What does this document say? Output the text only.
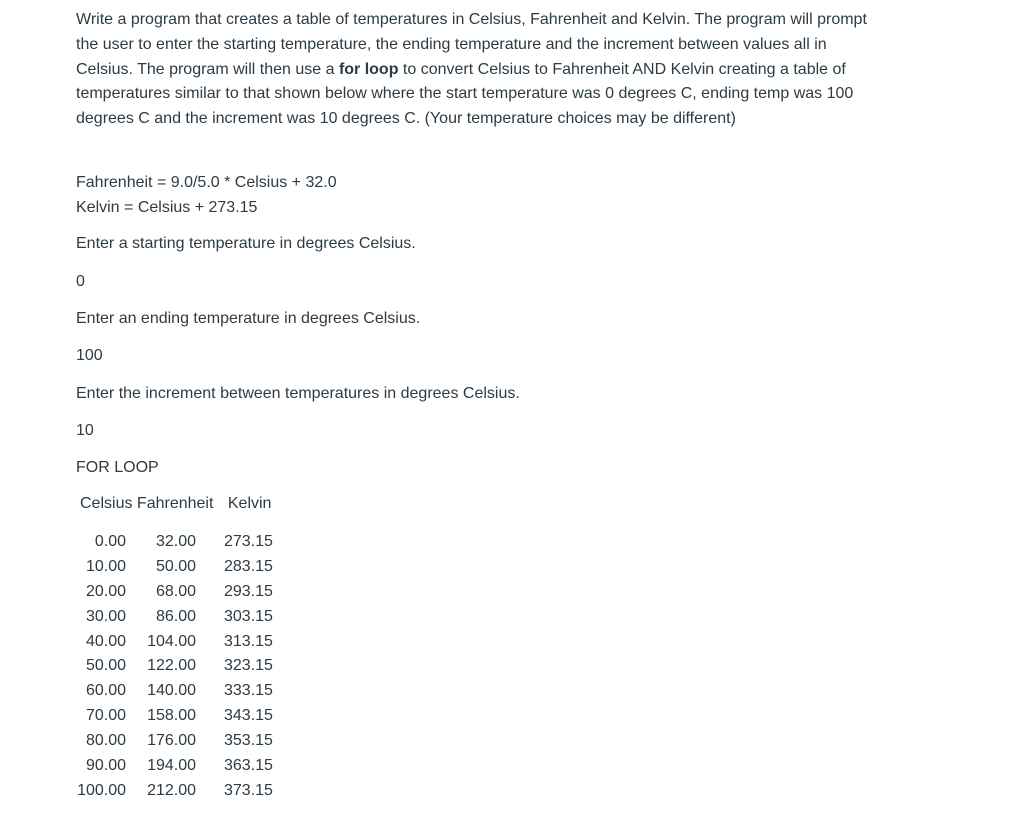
Write a program that creates a table of temperatures in Celsius, Fahrenheit and Kelvin. The program will prompt the user to enter the starting temperature, the ending temperature and the increment between values all in Celsius. The program will then use a for loop to convert Celsius to Fahrenheit AND Kelvin creating a table of temperatures similar to that shown below where the start temperature was 0 degrees C, ending temp was 100 degrees C and the increment was 10 degrees C. (Your temperature choices may be different)

Fahrenheit = 9.0/5.0 * Celsius + 32.0
Kelvin = Celsius + 273.15
Enter a starting temperature in degrees Celsius.
0
Enter an ending temperature in degrees Celsius.
100
Enter the increment between temperatures in degrees Celsius.
10
FOR LOOP
Celsius Fahrenheit Kelvin
0.00	32.00 273.15
10.00	50.00 283.15
20.00	68.00 293.15
30.00	86.00 303.15
40.00	104.00 313.15
50.00	122.00 323.15
60.00	140.00 333.15
70.00	158.00 343.15
80.00	176.00 353.15
90.00	194.00 363.15
100.00	212.00 373.15
